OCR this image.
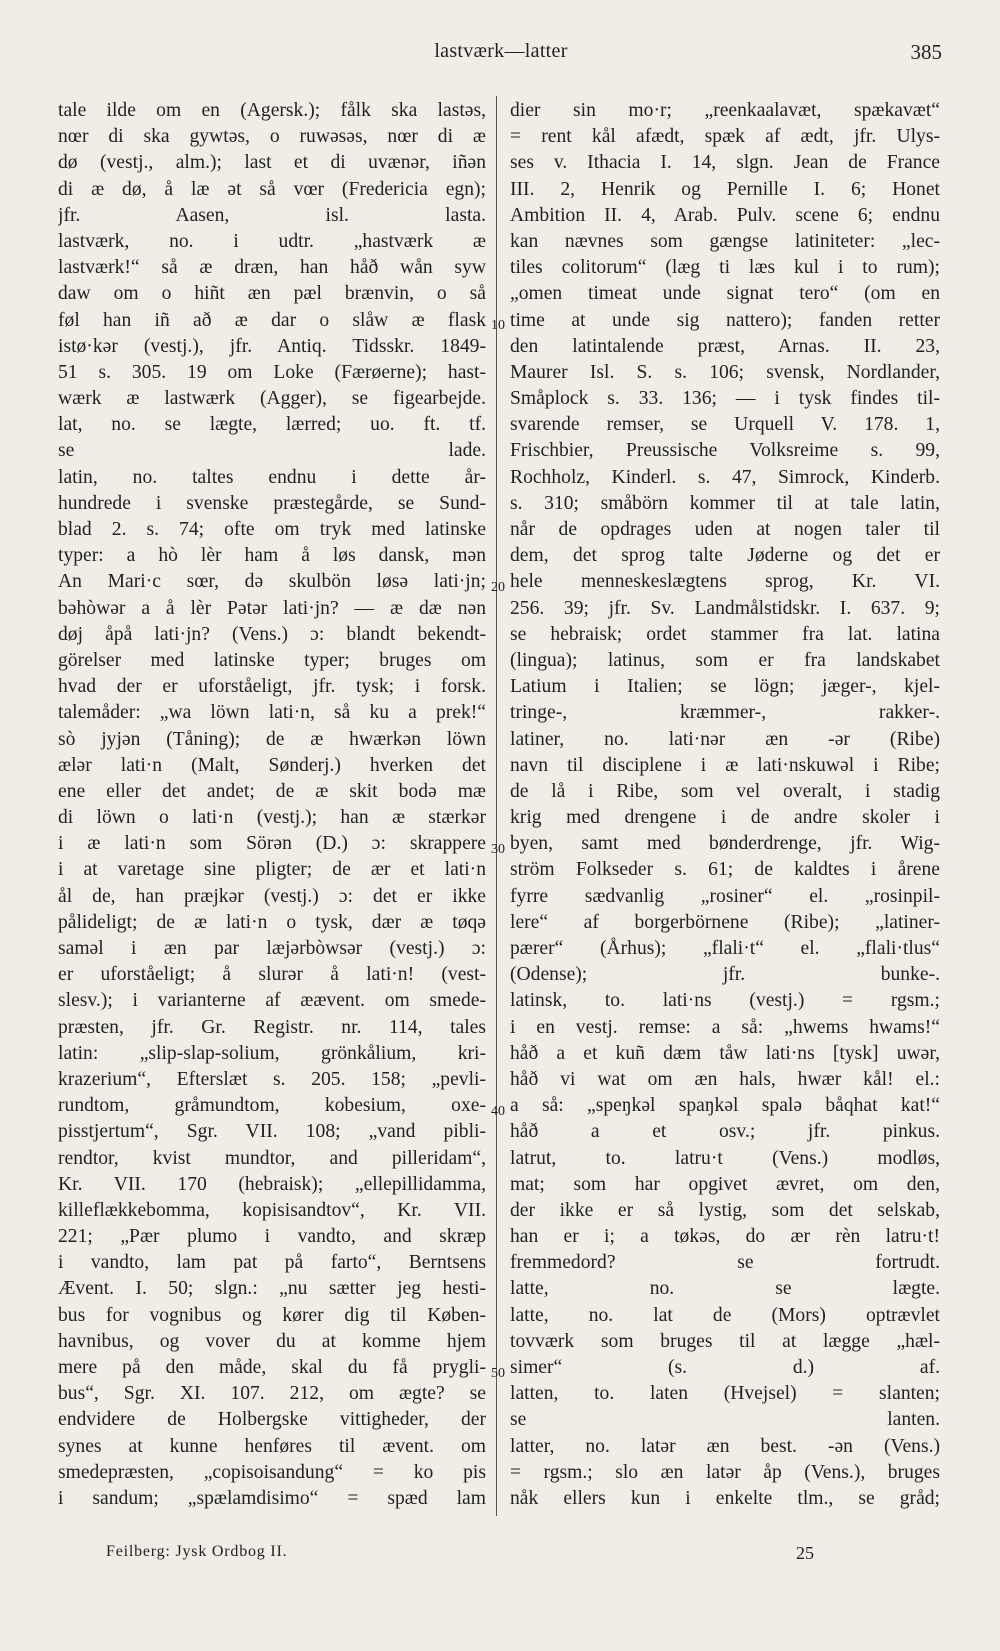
lastværk—latter	385
tale ilde om en (Agersk.); fålk ska lastəs,
nœr di ska gywtəs, o ruwəsəs, nœr di æ
dø (vestj., alm.); last et di uvænər, iñən
di æ dø, å læ ət så vœr (Fredericia egn);
jfr. Aasen, isl. lasta.
lastværk, no. i udtr. „hastværk æ
lastværk!“ så æ dræn, han håð wån syw
daw om o hiñt æn pæl brænvin, o så
føl han iñ að æ dar o slåw æ flask
istø·kər (vestj.), jfr. Antiq. Tidsskr. 1849-
51 s. 305. 19 om Loke (Færøerne); hast-
wærk æ lastwærk (Agger), se figearbejde.
lat, no. se lægte, lærred; uo. ft. tf.
se lade.
latin, no. taltes endnu i dette år-
hundrede i svenske præstegårde, se Sund-
blad 2. s. 74; ofte om tryk med latinske
typer: a hò lèr ham å løs dansk, mən
An Mari·c sœr, də skulbön løsə lati·jn;
bəhòwər a å lèr Pətər lati·jn? — æ dæ nən
døj åpå lati·jn? (Vens.) ɔ: blandt bekendt-
görelser med latinske typer; bruges om
hvad der er uforståeligt, jfr. tysk; i forsk.
talemåder: „wa löwn lati·n, så ku a prek!“
sò jyjən (Tåning); de æ hwærkən löwn
ælər lati·n (Malt, Sønderj.) hverken det
ene eller det andet; de æ skit bodə mæ
di löwn o lati·n (vestj.); han æ stærkər
i æ lati·n som Sörən (D.) ɔ: skrappere
i at varetage sine pligter; de ær et lati·n
ål de, han præjkər (vestj.) ɔ: det er ikke
pålideligt; de æ lati·n o tysk, dær æ tøqə
saməl i æn par læjərbòwsər (vestj.) ɔ:
er uforståeligt; å slurər å lati·n! (vest-
slesv.); i varianterne af æævent. om smede-
præsten, jfr. Gr. Registr. nr. 114, tales
latin: „slip-slap-solium, grönkålium, kri-
krazerium“, Efterslæt s. 205. 158; „pevli-
rundtom, gråmundtom, kobesium, oxe-
pisstjertum“, Sgr. VII. 108; „vand pibli-
rendtor, kvist mundtor, and pilleridam“,
Kr. VII. 170 (hebraisk); „ellepillidamma,
killeflækkebomma, kopisisandtov“, Kr. VII.
221; „Pær plumo i vandto, and skræp
i vandto, lam pat på farto“, Berntsens
Ævent. I. 50; slgn.: „nu sætter jeg hesti-
bus for vognibus og kører dig til Køben-
havnibus, og vover du at komme hjem
mere på den måde, skal du få prygli-
bus“, Sgr. XI. 107. 212, om ægte? se
endvidere de Holbergske vittigheder, der
synes at kunne henføres til ævent. om
smedepræsten, „copisoisandung“ = ko pis
i sandum; „spælamdisimo“ = spæd lam
dier sin mo·r; „reenkaalavæt, spækavæt“
= rent kål afædt, spæk af ædt, jfr. Ulys-
ses v. Ithacia I. 14, slgn. Jean de France
III. 2, Henrik og Pernille I. 6; Honet
Ambition II. 4, Arab. Pulv. scene 6; endnu
kan nævnes som gængse latiniteter: „lec-
tiles colitorum“ (læg ti læs kul i to rum);
„omen timeat unde signat tero“ (om en
time at unde sig nattero); fanden retter
den latintalende præst, Arnas. II. 23,
Maurer Isl. S. s. 106; svensk, Nordlander,
Småplock s. 33. 136; — i tysk findes til-
svarende remser, se Urquell V. 178. 1,
Frischbier, Preussische Volksreime s. 99,
Rochholz, Kinderl. s. 47, Simrock, Kinderb.
s. 310; småbörn kommer til at tale latin,
når de opdrages uden at nogen taler til
dem, det sprog talte Jøderne og det er
hele menneskeslægtens sprog, Kr. VI.
256. 39; jfr. Sv. Landmålstidskr. I. 637. 9;
se hebraisk; ordet stammer fra lat. latina
(lingua); latinus, som er fra landskabet
Latium i Italien; se lögn; jæger-, kjel-
tringe-, kræmmer-, rakker-.
latiner, no. lati·nər æn -ər (Ribe)
navn til disciplene i æ lati·nskuwəl i Ribe;
de lå i Ribe, som vel overalt, i stadig
krig med drengene i de andre skoler i
byen, samt med bønderdrenge, jfr. Wig-
ström Folkseder s. 61; de kaldtes i årene
fyrre sædvanlig „rosiner“ el. „rosinpil-
lere“ af borgerbörnene (Ribe); „latiner-
pærer“ (Århus); „flali·t“ el. „flali·tlus“
(Odense); jfr. bunke-.
latinsk, to. lati·ns (vestj.) = rgsm.;
i en vestj. remse: a så: „hwems hwams!“
håð a et kuñ dæm tåw lati·ns [tysk] uwər,
håð vi wat om æn hals, hwær kål! el.:
a så: „speŋkəl spaŋkəl spalə båqhat kat!“
håð a et osv.; jfr. pinkus.
latrut, to. latru·t (Vens.) modløs,
mat; som har opgivet ævret, om den,
der ikke er så lystig, som det selskab,
han er i; a tøkəs, do ær rèn latru·t!
fremmedord? se fortrudt.
latte, no. se lægte.
latte, no. lat de (Mors) optrævlet
tovværk som bruges til at lægge „hæl-
simer“ (s. d.) af.
latten, to. laten (Hvejsel) = slanten;
se lanten.
latter, no. latər æn best. -ən (Vens.)
= rgsm.; slo æn latər åp (Vens.), bruges
nåk ellers kun i enkelte tlm., se gråd;
10
20
30
40
50
Feilberg: Jysk Ordbog II.	25
